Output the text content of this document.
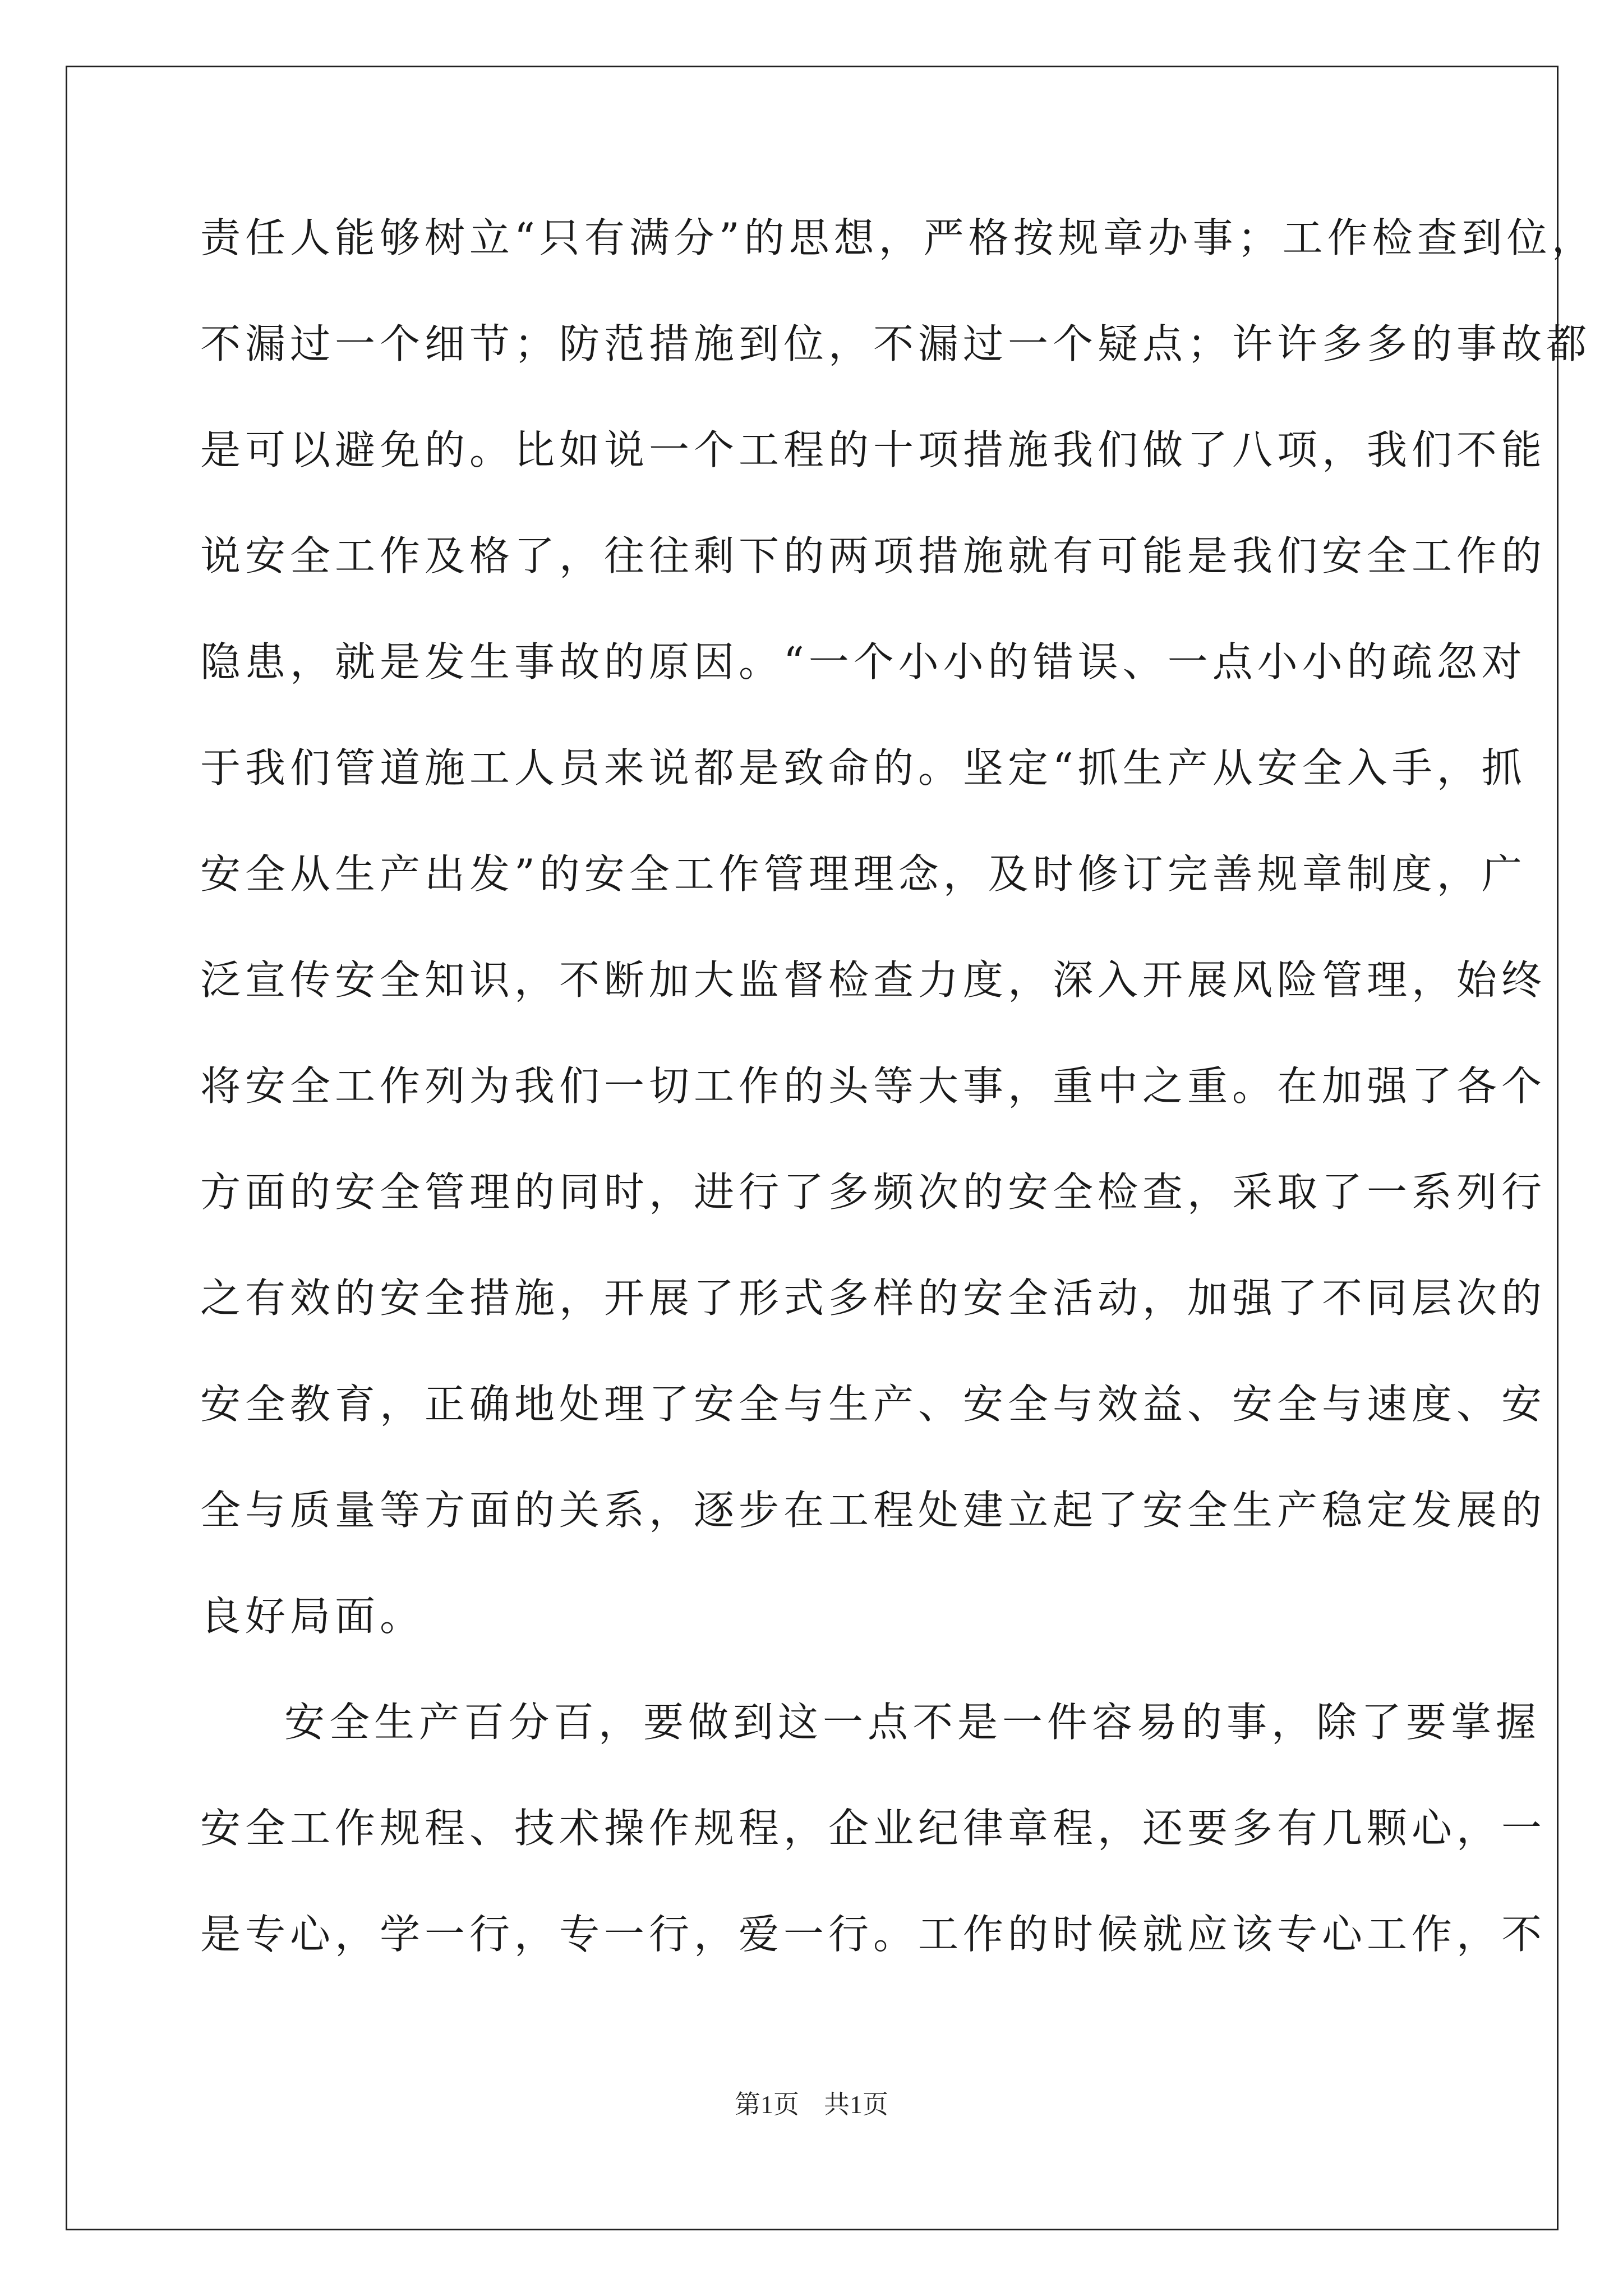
责任人能够树立“只有满分”的思想，严格按规章办事；工作检查到位，
不漏过一个细节；防范措施到位，不漏过一个疑点；许许多多的事故都
是可以避免的。比如说一个工程的十项措施我们做了八项，我们不能
说安全工作及格了，往往剩下的两项措施就有可能是我们安全工作的
隐患，就是发生事故的原因。“一个小小的错误、一点小小的疏忽对
于我们管道施工人员来说都是致命的。坚定“抓生产从安全入手，抓
安全从生产出发”的安全工作管理理念，及时修订完善规章制度，广
泛宣传安全知识，不断加大监督检查力度，深入开展风险管理，始终
将安全工作列为我们一切工作的头等大事，重中之重。在加强了各个
方面的安全管理的同时，进行了多频次的安全检查，采取了一系列行
之有效的安全措施，开展了形式多样的安全活动，加强了不同层次的
安全教育，正确地处理了安全与生产、安全与效益、安全与速度、安
全与质量等方面的关系，逐步在工程处建立起了安全生产稳定发展的
良好局面。
安全生产百分百，要做到这一点不是一件容易的事，除了要掌握
安全工作规程、技术操作规程，企业纪律章程，还要多有几颗心，一
是专心，学一行，专一行，爱一行。工作的时候就应该专心工作，不
第1页 共1页
